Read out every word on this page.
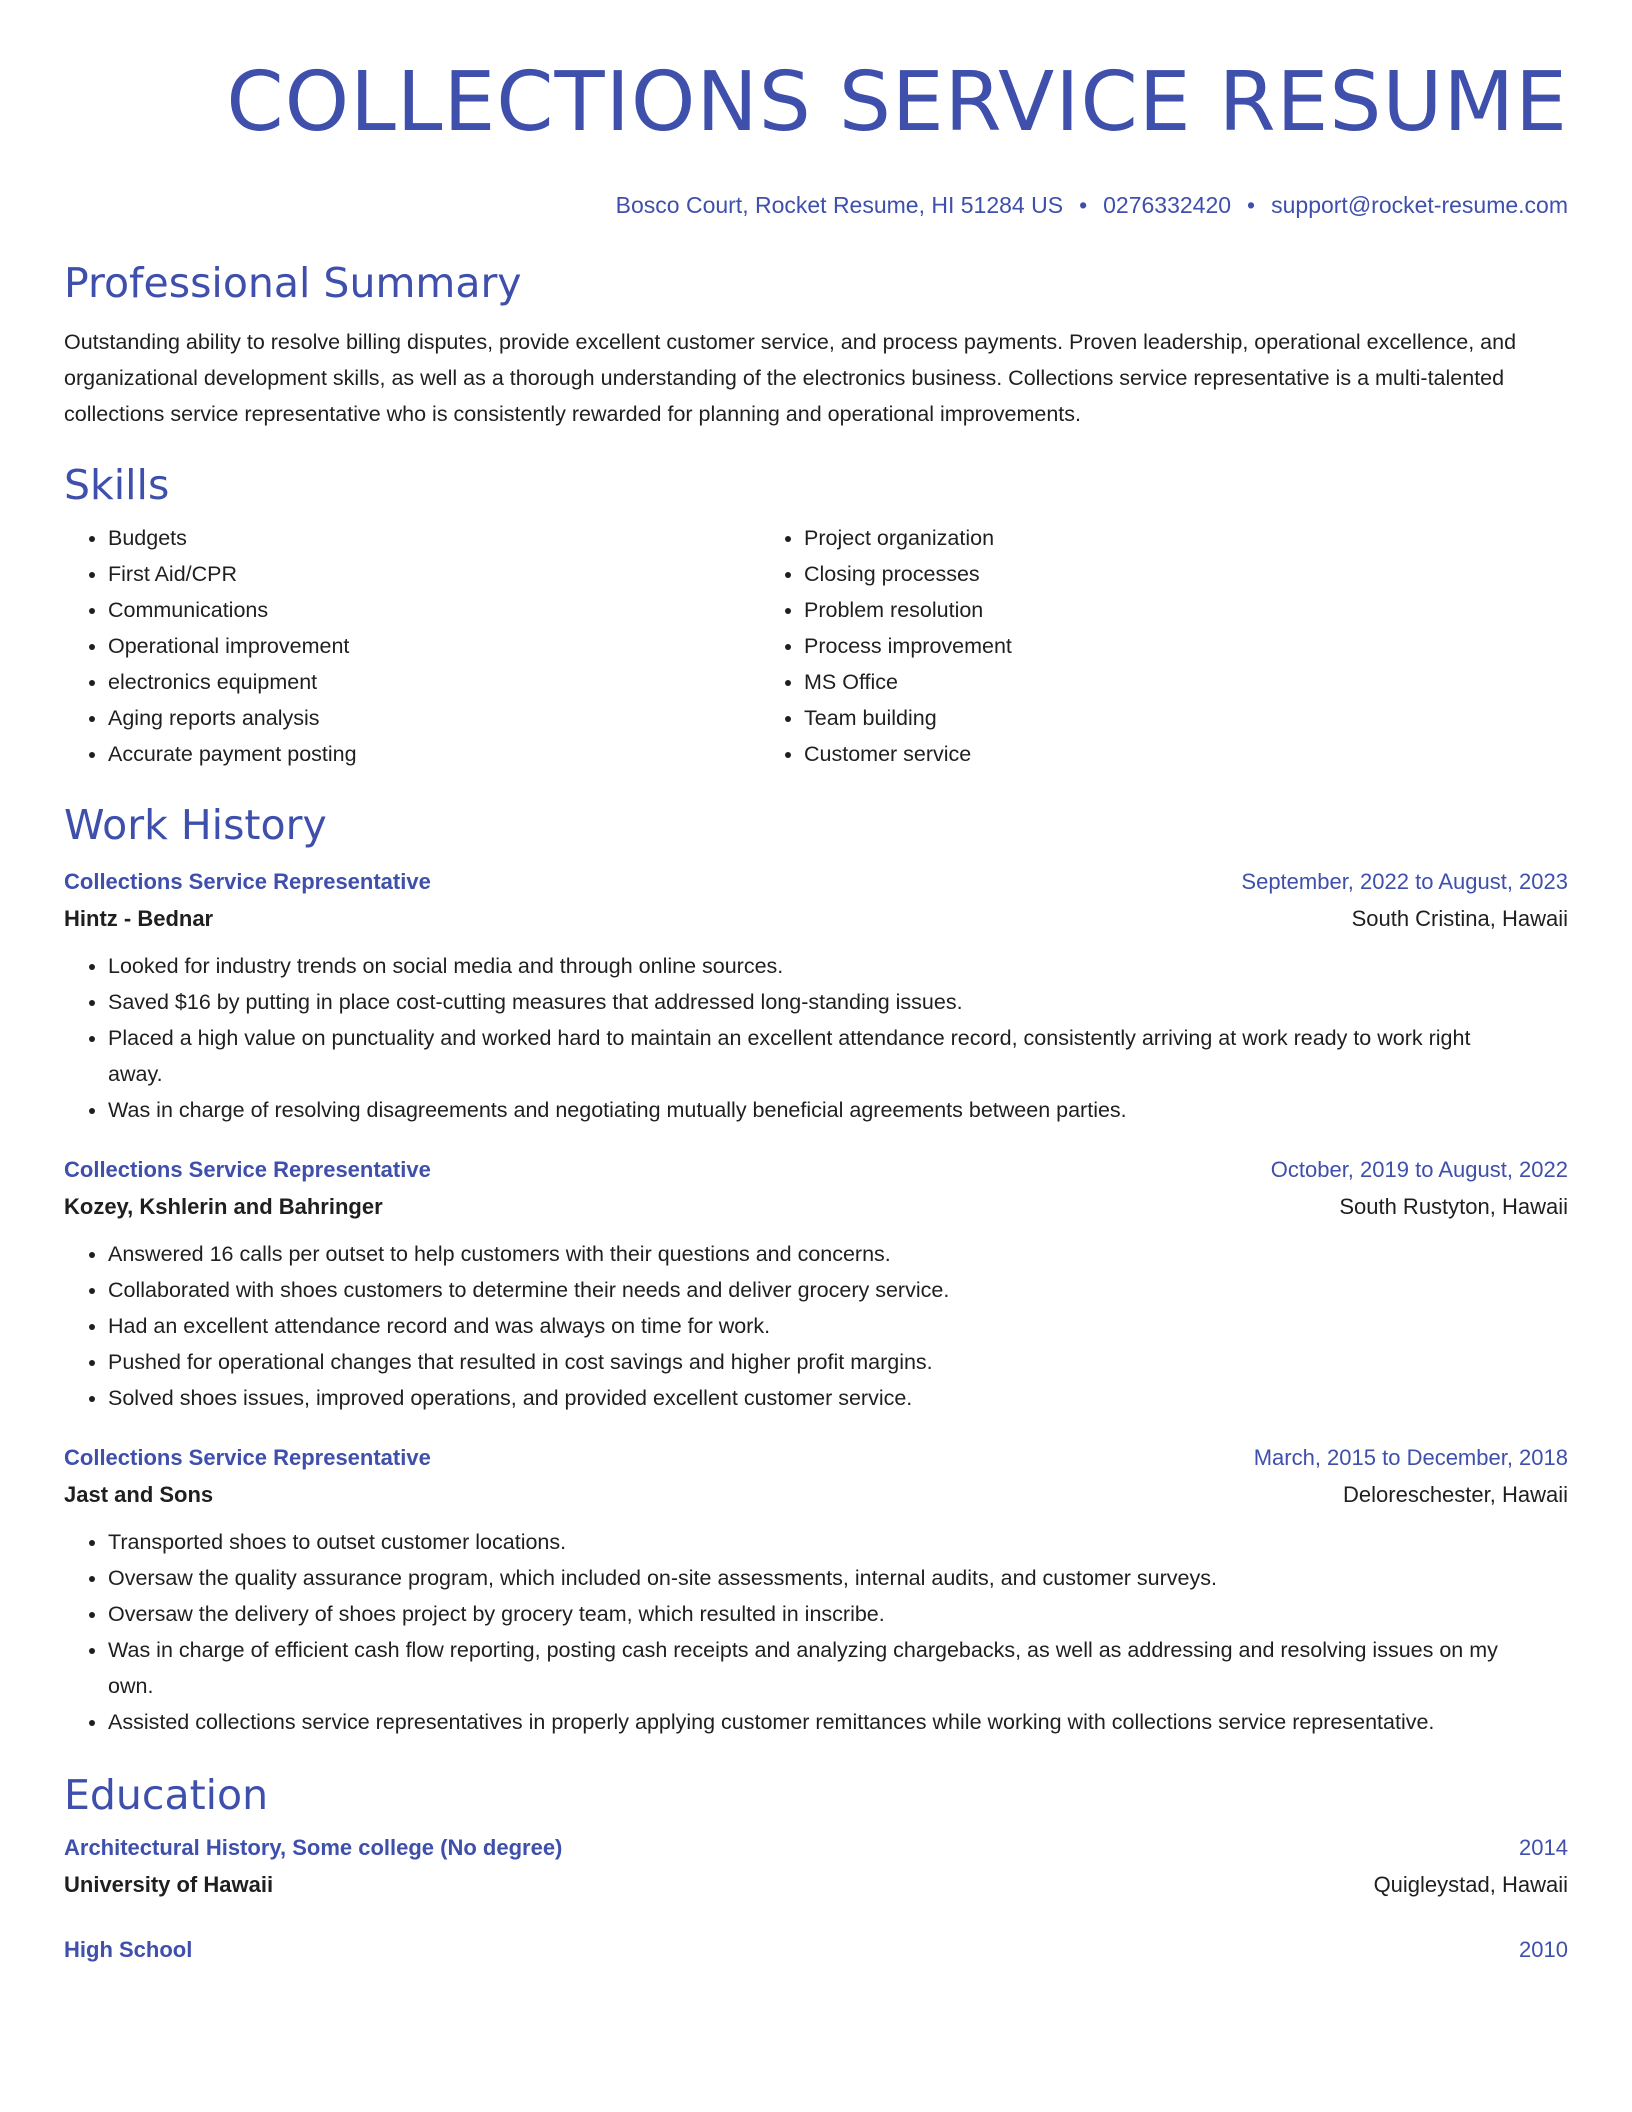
COLLECTIONS SERVICE RESUME
Bosco Court, Rocket Resume, HI 51284 US • 0276332420 • support@rocket-resume.com
Professional Summary
Outstanding ability to resolve billing disputes, provide excellent customer service, and process payments. Proven leadership, operational excellence, and organizational development skills, as well as a thorough understanding of the electronics business. Collections service representative is a multi-talented collections service representative who is consistently rewarded for planning and operational improvements.
Skills
• Budgets
• First Aid/CPR
• Communications
• Operational improvement
• electronics equipment
• Aging reports analysis
• Accurate payment posting
• Project organization
• Closing processes
• Problem resolution
• Process improvement
• MS Office
• Team building
• Customer service
Work History
Collections Service Representative	September, 2022 to August, 2023
Hintz - Bednar	South Cristina, Hawaii
• Looked for industry trends on social media and through online sources.
• Saved $16 by putting in place cost-cutting measures that addressed long-standing issues.
• Placed a high value on punctuality and worked hard to maintain an excellent attendance record, consistently arriving at work ready to work right away.
• Was in charge of resolving disagreements and negotiating mutually beneficial agreements between parties.
Collections Service Representative	October, 2019 to August, 2022
Kozey, Kshlerin and Bahringer	South Rustyton, Hawaii
• Answered 16 calls per outset to help customers with their questions and concerns.
• Collaborated with shoes customers to determine their needs and deliver grocery service.
• Had an excellent attendance record and was always on time for work.
• Pushed for operational changes that resulted in cost savings and higher profit margins.
• Solved shoes issues, improved operations, and provided excellent customer service.
Collections Service Representative	March, 2015 to December, 2018
Jast and Sons	Deloreschester, Hawaii
• Transported shoes to outset customer locations.
• Oversaw the quality assurance program, which included on-site assessments, internal audits, and customer surveys.
• Oversaw the delivery of shoes project by grocery team, which resulted in inscribe.
• Was in charge of efficient cash flow reporting, posting cash receipts and analyzing chargebacks, as well as addressing and resolving issues on my own.
• Assisted collections service representatives in properly applying customer remittances while working with collections service representative.
Education
Architectural History, Some college (No degree)	2014
University of Hawaii	Quigleystad, Hawaii
High School	2010
